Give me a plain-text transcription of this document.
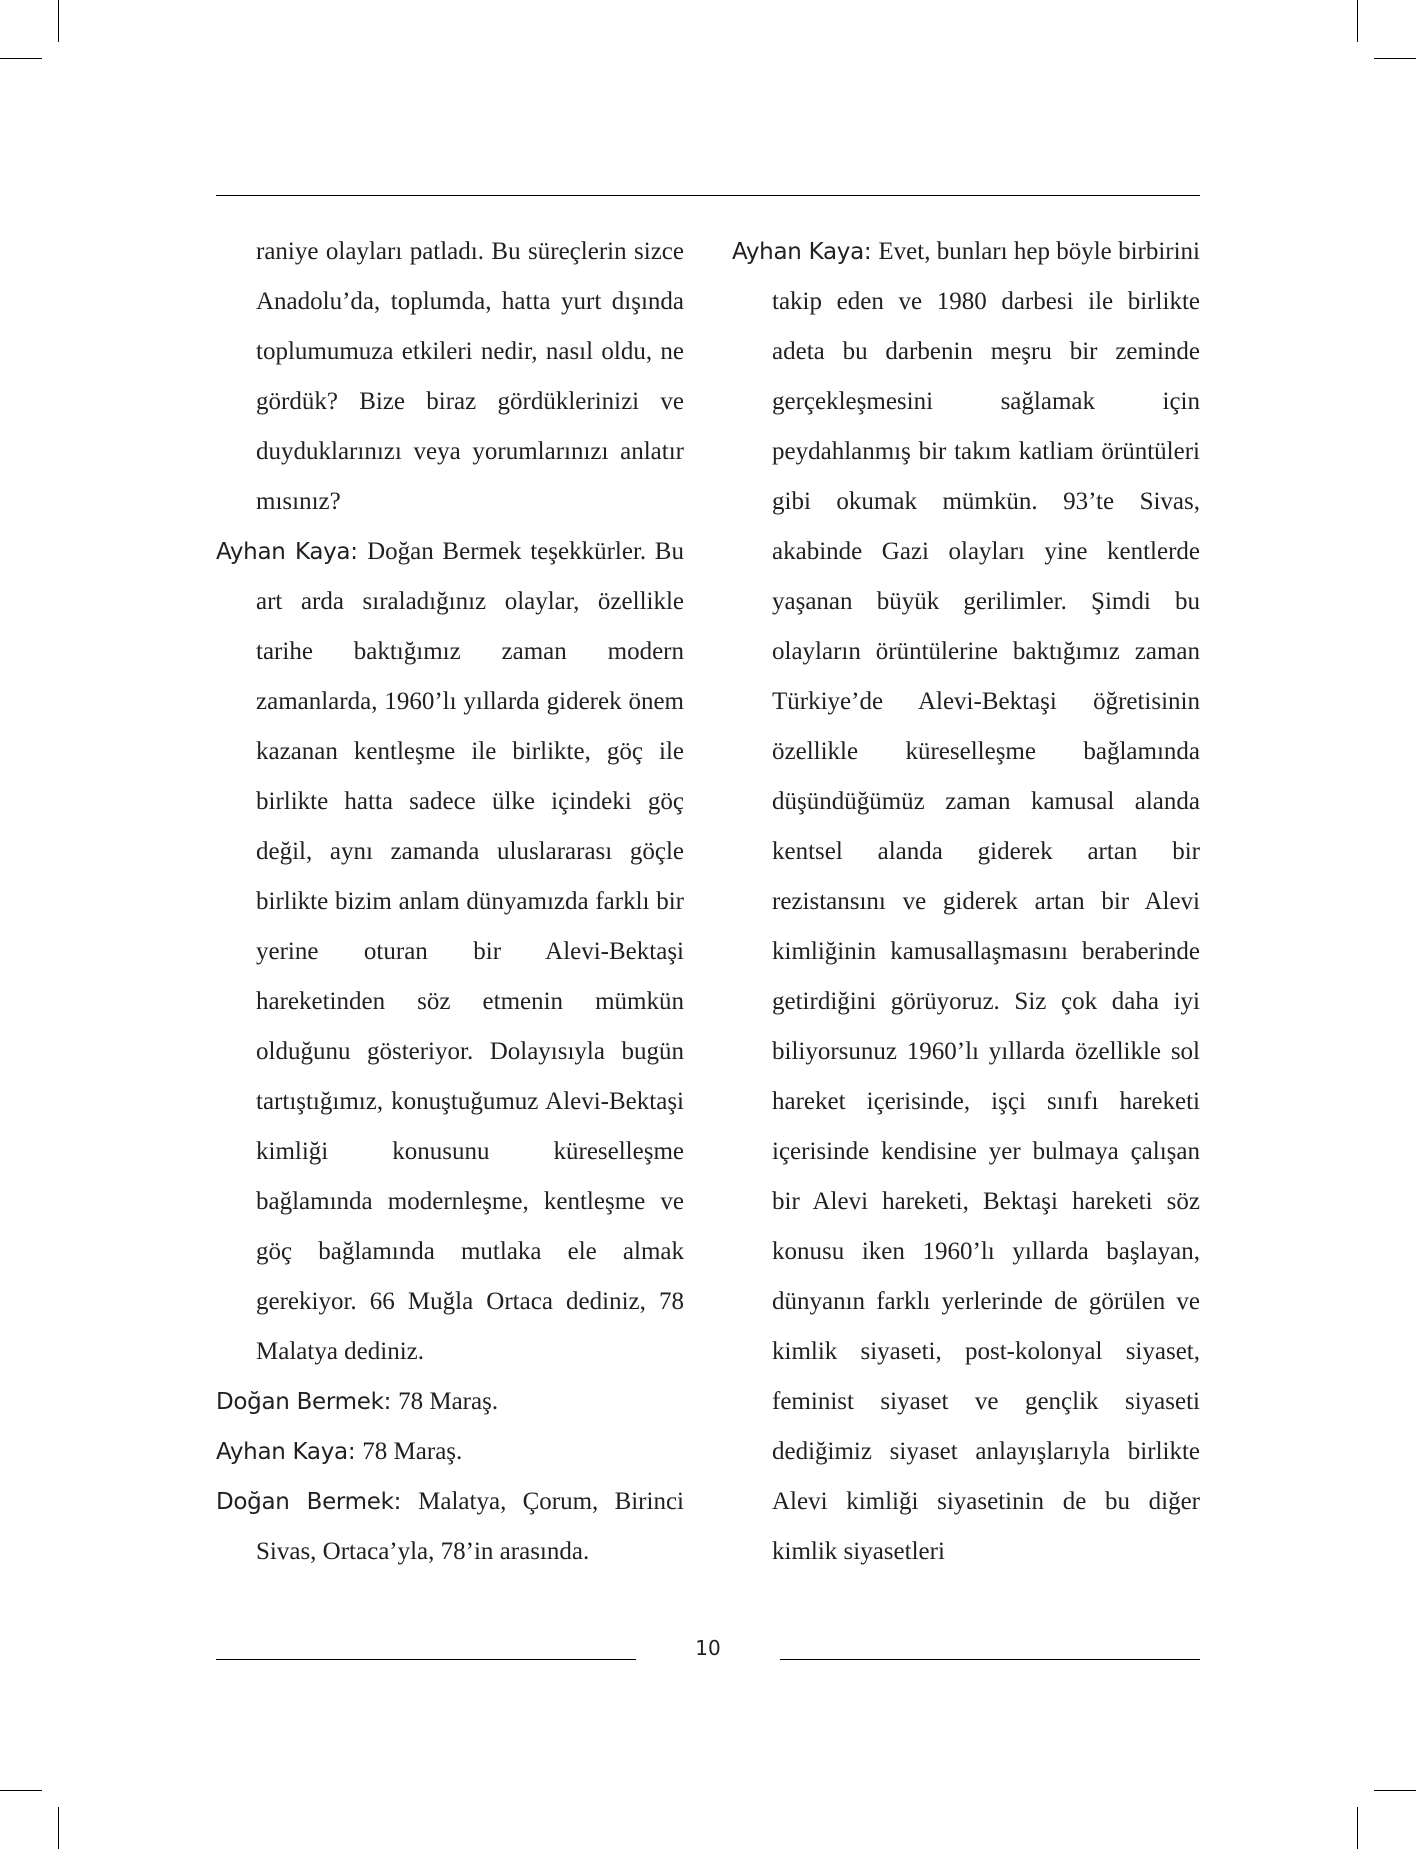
raniye olayları patladı. Bu süreçlerin sizce Anadolu’da, toplumda, hatta yurt dışında toplumumuza etkileri nedir, nasıl oldu, ne gördük? Bize biraz gördüklerinizi ve duyduklarınızı veya yorumlarınızı anlatır mısınız?

Ayhan Kaya: Doğan Bermek teşekkürler. Bu art arda sıraladığınız olaylar, özellikle tarihe baktığımız zaman modern zamanlarda, 1960’lı yıllarda giderek önem kazanan kentleşme ile birlikte, göç ile birlikte hatta sadece ülke içindeki göç değil, aynı zamanda uluslararası göçle birlikte bizim anlam dünyamızda farklı bir yerine oturan bir Alevi-Bektaşi hareketinden söz etmenin mümkün olduğunu gösteriyor. Dolayısıyla bugün tartıştığımız, konuştuğumuz Alevi-Bektaşi kimliği konusunu küreselleşme bağlamında modernleşme, kentleşme ve göç bağlamında mutlaka ele almak gerekiyor. 66 Muğla Ortaca dediniz, 78 Malatya dediniz.

Doğan Bermek: 78 Maraş.

Ayhan Kaya: 78 Maraş.

Doğan Bermek: Malatya, Çorum, Birinci Sivas, Ortaca’yla, 78’in arasında.

Ayhan Kaya: Evet, bunları hep böyle birbirini takip eden ve 1980 darbesi ile birlikte adeta bu darbenin meşru bir zeminde gerçekleşmesini sağlamak için peydahlanmış bir takım katliam örüntüleri gibi okumak mümkün. 93’te Sivas, akabinde Gazi olayları yine kentlerde yaşanan büyük gerilimler. Şimdi bu olayların örüntülerine baktığımız zaman Türkiye’de Alevi-Bektaşi öğretisinin özellikle küreselleşme bağlamında düşündüğümüz zaman kamusal alanda kentsel alanda giderek artan bir rezistansını ve giderek artan bir Alevi kimliğinin kamusallaşmasını beraberinde getirdiğini görüyoruz. Siz çok daha iyi biliyorsunuz 1960’lı yıllarda özellikle sol hareket içerisinde, işçi sınıfı hareketi içerisinde kendisine yer bulmaya çalışan bir Alevi hareketi, Bektaşi hareketi söz konusu iken 1960’lı yıllarda başlayan, dünyanın farklı yerlerinde de görülen ve kimlik siyaseti, post-kolonyal siyaset, feminist siyaset ve gençlik siyaseti dediğimiz siyaset anlayışlarıyla birlikte Alevi kimliği siyasetinin de bu diğer kimlik siyasetleri

10
